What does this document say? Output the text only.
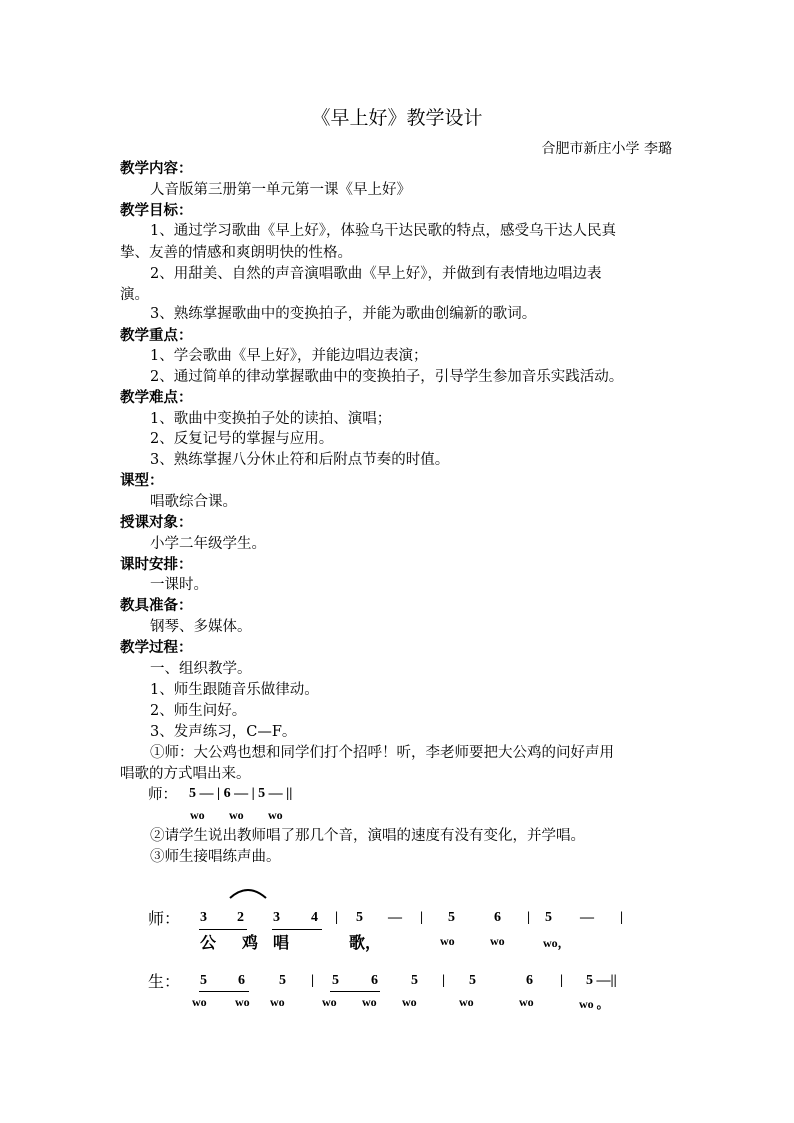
《早上好》教学设计
合肥市新庄小学 李璐
教学内容：
人音版第三册第一单元第一课《早上好》
教学目标：
1、通过学习歌曲《早上好》，体验乌干达民歌的特点，感受乌干达人民真
挚、友善的情感和爽朗明快的性格。
2、用甜美、自然的声音演唱歌曲《早上好》，并做到有表情地边唱边表
演。
3、熟练掌握歌曲中的变换拍子，并能为歌曲创编新的歌词。
教学重点：
1、学会歌曲《早上好》，并能边唱边表演；
2、通过简单的律动掌握歌曲中的变换拍子，引导学生参加音乐实践活动。
教学难点：
1、歌曲中变换拍子处的读拍、演唱；
2、反复记号的掌握与应用。
3、熟练掌握八分休止符和后附点节奏的时值。
课型：
唱歌综合课。
授课对象：
小学二年级学生。
课时安排：
一课时。
教具准备：
钢琴、多媒体。
教学过程：
一、组织教学。
1、师生跟随音乐做律动。
2、师生问好。
3、发声练习，C—F。
①师：大公鸡也想和同学们打个招呼！听，李老师要把大公鸡的问好声用
唱歌的方式唱出来。
师： 5 — | 6 — | 5 — ||
wo wo wo
②请学生说出教师唱了那几个音，演唱的速度有没有变化，并学唱。
③师生接唱练声曲。
师： 3 2 3 4 | 5 — | 5	6 | 5 — |
公 鸡 唱	歌，	wo	wo	wo，
生： 5 6 5 | 5 6 5 | 5	6 | 5 —||
wo wo wo	wo wo wo	wo	wo	wo 。
